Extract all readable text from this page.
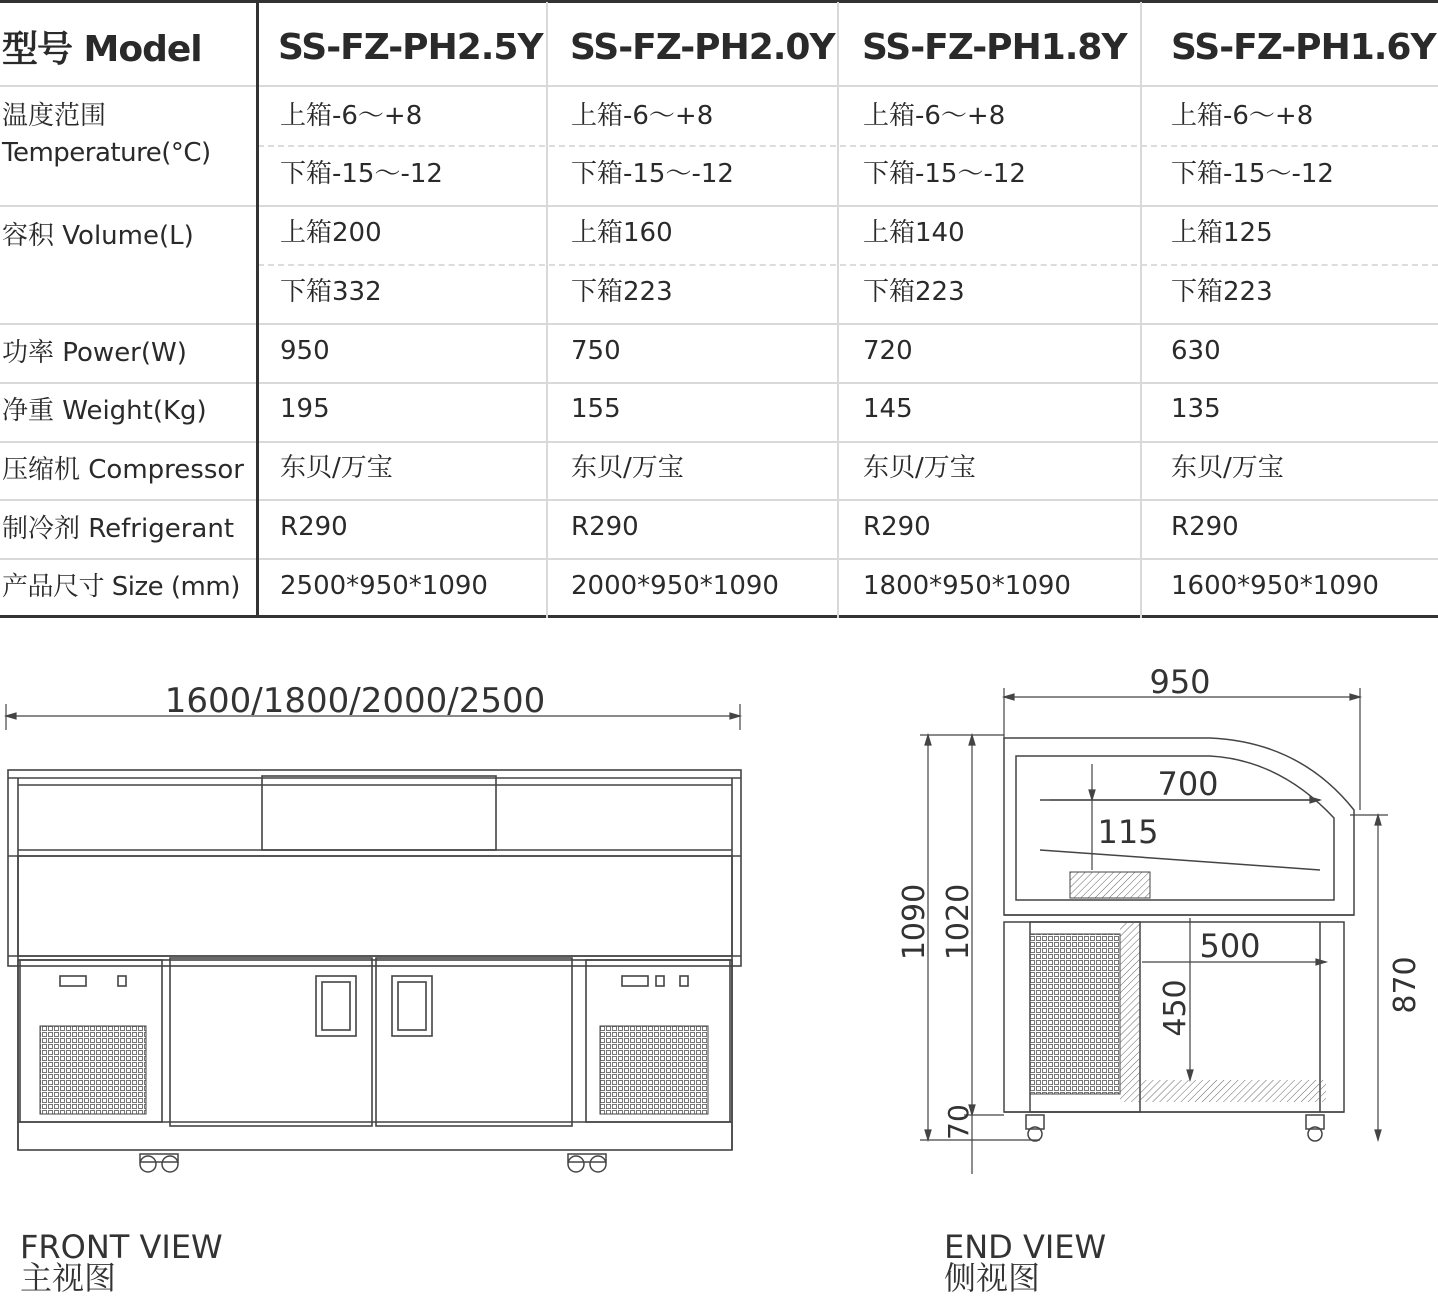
型号 Model SS-FZ-PH2.5Y SS-FZ-PH2.0Y SS-FZ-PH1.8Y SS-FZ-PH1.6Y
温度范围
Temperature(°C)
上箱-6～+8	上箱-6～+8	上箱-6～+8	上箱-6～+8
下箱-15～-12	下箱-15～-12	下箱-15～-12	下箱-15～-12
容积 Volume(L)	上箱200	上箱160	上箱140	上箱125
下箱332	下箱223	下箱223	下箱223
功率 Power(W)	950	750	720	630
净重 Weight(Kg)	195	155	145	135
压缩机 Compressor 东贝/万宝	东贝/万宝	东贝/万宝	东贝/万宝
制冷剂 Refrigerant R290	R290	R290	R290
产品尺寸 Size (mm) 2500*950*1090	2000*950*1090	1800*950*1090	1600*950*1090
1600/1800/2000/2500
FRONT VIEW
主视图
950
1090 1020
70
870
700
115
500
450
END VIEW
侧视图
